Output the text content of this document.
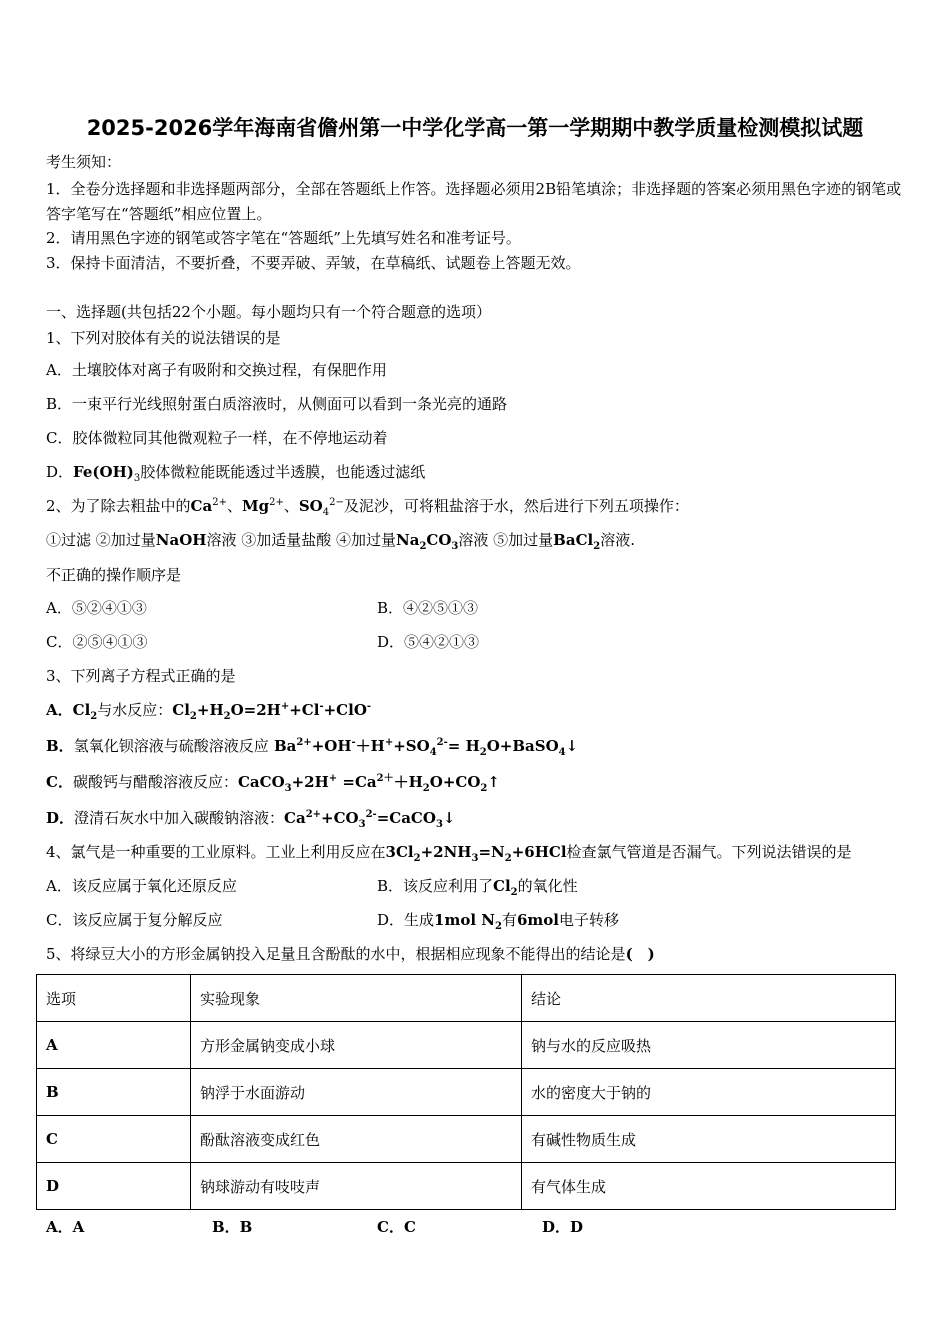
2025-2026学年海南省儋州第一中学化学高一第一学期期中教学质量检测模拟试题
考生须知：
1．全卷分选择题和非选择题两部分，全部在答题纸上作答。选择题必须用2B铅笔填涂；非选择题的答案必须用黑色字迹的钢笔或答字笔写在“答题纸”相应位置上。
2．请用黑色字迹的钢笔或答字笔在“答题纸”上先填写姓名和准考证号。
3．保持卡面清洁，不要折叠，不要弄破、弄皱，在草稿纸、试题卷上答题无效。
一、选择题(共包括22个小题。每小题均只有一个符合题意的选项）
1、下列对胶体有关的说法错误的是
A．土壤胶体对离子有吸附和交换过程，有保肥作用
B．一束平行光线照射蛋白质溶液时，从侧面可以看到一条光亮的通路
C．胶体微粒同其他微观粒子一样，在不停地运动着
D．$Fe(OH)_3$胶体微粒能既能透过半透膜，也能透过滤纸
2、为了除去粗盐中的$Ca^{2+}$、$Mg^{2+}$、$SO_4^{2-}$及泥沙，可将粗盐溶于水，然后进行下列五项操作：
①过滤 ②加过量NaOH溶液 ③加适量盐酸 ④加过量$Na_2CO_3$溶液 ⑤加过量BaCl$_2$溶液.
不正确的操作顺序是
A．⑤②④①③	B．④②⑤①③
C．②⑤④①③	D．⑤④②①③
3、下列离子方程式正确的是
A．$Cl_2$与水反应：$Cl_2+H_2O=2H^++Cl^-+ClO^-$
B．氢氧化钡溶液与硫酸溶液反应 $Ba^{2+}+OH^-+H^++SO_4^{2-}=$ $H_2O+BaSO_4↓$
C．碳酸钙与醋酸溶液反应：CaCO$_3$+2H+ $=Ca^{2+}+H_2O+CO_2↑$
D．澄清石灰水中加入碳酸钠溶液：$Ca^{2+}+CO_3^{2-}=CaCO_3↓$
4、氯气是一种重要的工业原料。工业上利用反应在$3Cl_2+2NH_3=N_2+6HCl$检查氯气管道是否漏气。下列说法错误的是
A．该反应属于氧化还原反应	B．该反应利用了$Cl_2$的氧化性
C．该反应属于复分解反应	D．生成1mol $N_2$有6mol电子转移
5、将绿豆大小的方形金属钠投入足量且含酚酞的水中，根据相应现象不能得出的结论是(　)
选项	实验现象	结论
A	方形金属钠变成小球	钠与水的反应吸热
B	钠浮于水面游动	水的密度大于钠的
C	酚酞溶液变成红色	有碱性物质生成
D	钠球游动有吱吱声	有气体生成
A．A	B．B	C．C	D．D
